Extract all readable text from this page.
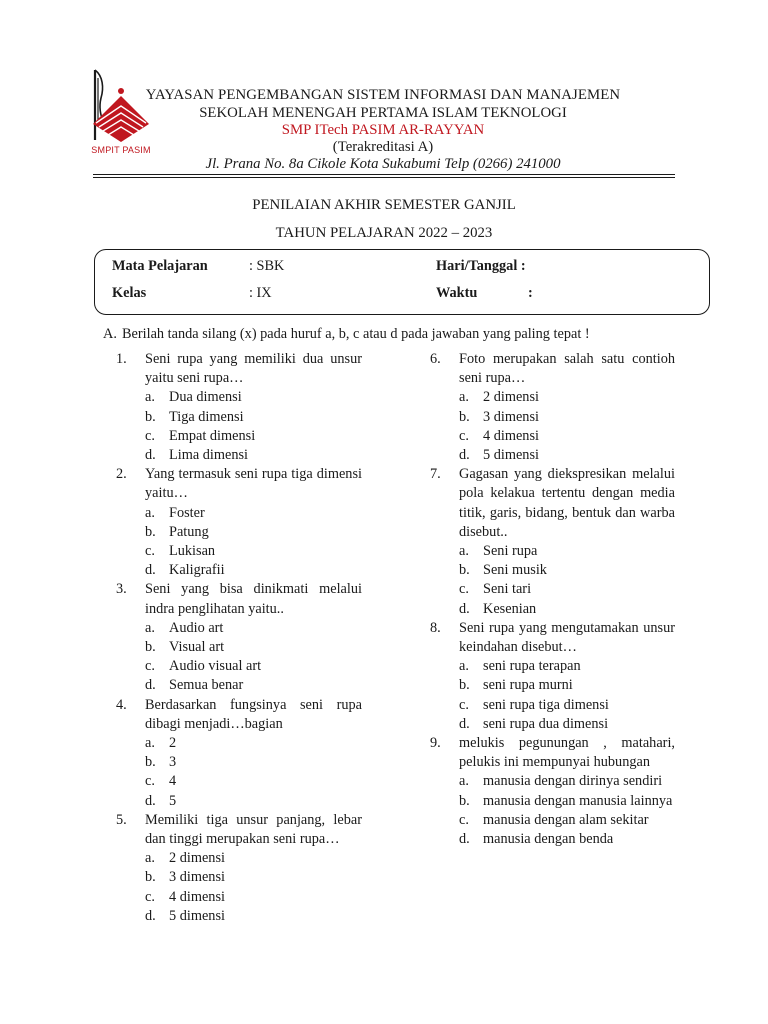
SMPIT PASIM
YAYASAN PENGEMBANGAN SISTEM INFORMASI DAN MANAJEMEN
SEKOLAH MENENGAH PERTAMA ISLAM TEKNOLOGI
SMP ITech PASIM AR-RAYYAN
(Terakreditasi A)
Jl. Prana No. 8a Cikole Kota Sukabumi Telp (0266) 241000
PENILAIAN AKHIR SEMESTER GANJIL
TAHUN PELAJARAN 2022 – 2023
Mata Pelajaran	: SBK
Kelas	: IX
Hari/Tanggal :
Waktu	:
A. Berilah tanda silang (x) pada huruf a, b, c atau d pada jawaban yang paling tepat !
1. Seni rupa yang memiliki dua unsur yaitu seni rupa…
a. Dua dimensi
b. Tiga dimensi
c. Empat dimensi
d. Lima dimensi
2. Yang termasuk seni rupa tiga dimensi yaitu…
a. Foster
b. Patung
c. Lukisan
d. Kaligrafii
3. Seni yang bisa dinikmati melalui indra penglihatan yaitu..
a. Audio art
b. Visual art
c. Audio visual art
d. Semua benar
4. Berdasarkan fungsinya seni rupa dibagi menjadi…bagian
a. 2
b. 3
c. 4
d. 5
5. Memiliki tiga unsur panjang, lebar dan tinggi merupakan seni rupa…
a. 2 dimensi
b. 3 dimensi
c. 4 dimensi
d. 5 dimensi
6. Foto merupakan salah satu contioh seni rupa…
a. 2 dimensi
b. 3 dimensi
c. 4 dimensi
d. 5 dimensi
7. Gagasan yang diekspresikan melalui pola kelakua tertentu dengan media titik, garis, bidang, bentuk dan warba disebut..
a. Seni rupa
b. Seni musik
c. Seni tari
d. Kesenian
8. Seni rupa yang mengutamakan unsur keindahan disebut…
a. seni rupa terapan
b. seni rupa murni
c. seni rupa tiga dimensi
d. seni rupa dua dimensi
9. melukis pegunungan , matahari, pelukis ini mempunyai hubungan
a. manusia dengan dirinya sendiri
b. manusia dengan manusia lainnya
c. manusia dengan alam sekitar
d. manusia dengan benda
